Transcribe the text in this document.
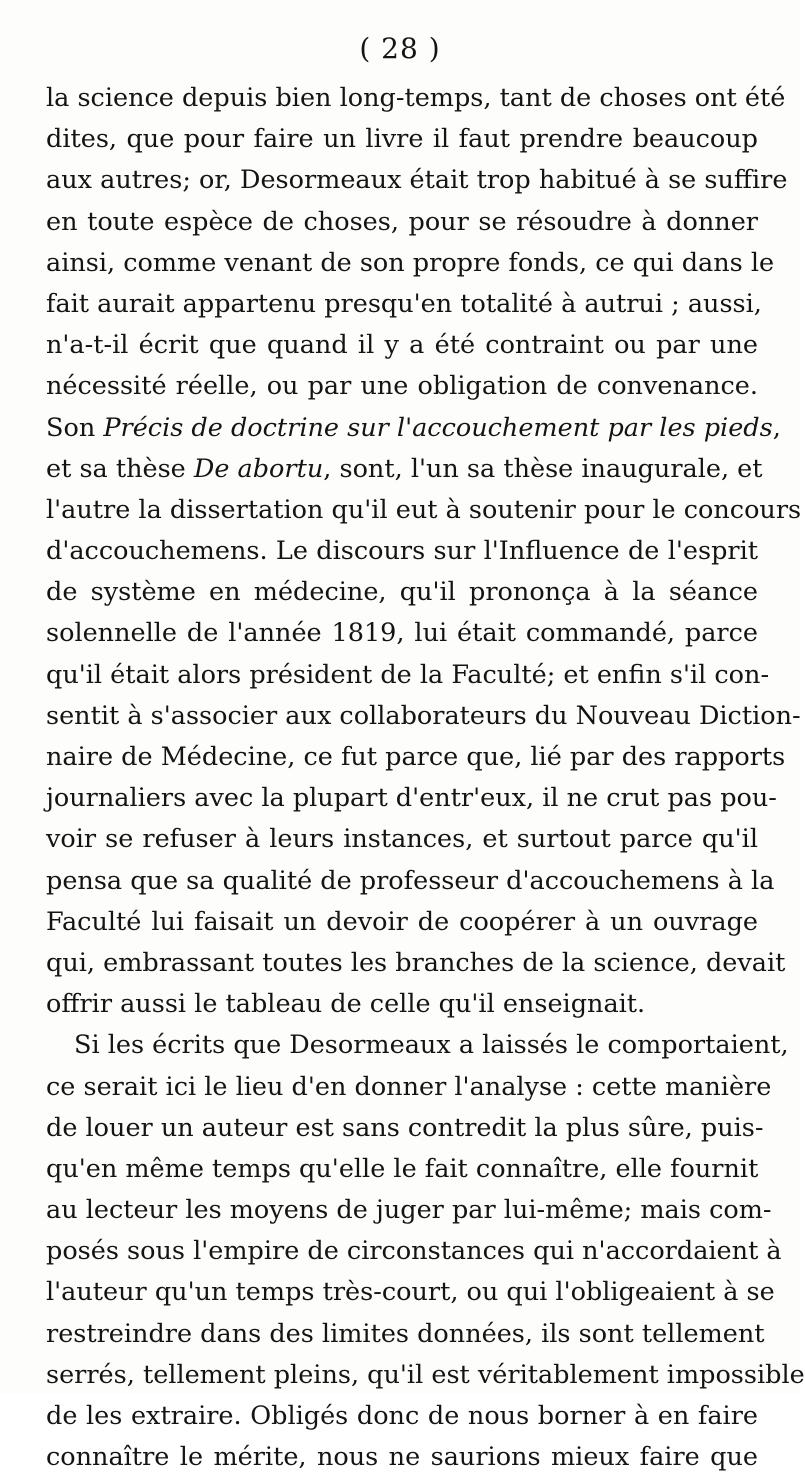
( 28 )
la science depuis bien long-temps, tant de choses ont été
dites, que pour faire un livre il faut prendre beaucoup
aux autres; or, Desormeaux était trop habitué à se suffire
en toute espèce de choses, pour se résoudre à donner
ainsi, comme venant de son propre fonds, ce qui dans le
fait aurait appartenu presqu'en totalité à autrui ; aussi,
n'a-t-il écrit que quand il y a été contraint ou par une
nécessité réelle, ou par une obligation de convenance.
Son Précis de doctrine sur l'accouchement par les pieds,
et sa thèse De abortu, sont, l'un sa thèse inaugurale, et
l'autre la dissertation qu'il eut à soutenir pour le concours
d'accouchemens. Le discours sur l'Influence de l'esprit
de système en médecine, qu'il prononça à la séance
solennelle de l'année 1819, lui était commandé, parce
qu'il était alors président de la Faculté; et enfin s'il con-
sentit à s'associer aux collaborateurs du Nouveau Diction-
naire de Médecine, ce fut parce que, lié par des rapports
journaliers avec la plupart d'entr'eux, il ne crut pas pou-
voir se refuser à leurs instances, et surtout parce qu'il
pensa que sa qualité de professeur d'accouchemens à la
Faculté lui faisait un devoir de coopérer à un ouvrage
qui, embrassant toutes les branches de la science, devait
offrir aussi le tableau de celle qu'il enseignait.
Si les écrits que Desormeaux a laissés le comportaient,
ce serait ici le lieu d'en donner l'analyse : cette manière
de louer un auteur est sans contredit la plus sûre, puis-
qu'en même temps qu'elle le fait connaître, elle fournit
au lecteur les moyens de juger par lui-même; mais com-
posés sous l'empire de circonstances qui n'accordaient à
l'auteur qu'un temps très-court, ou qui l'obligeaient à se
restreindre dans des limites données, ils sont tellement
serrés, tellement pleins, qu'il est véritablement impossible
de les extraire. Obligés donc de nous borner à en faire
connaître le mérite, nous ne saurions mieux faire que
